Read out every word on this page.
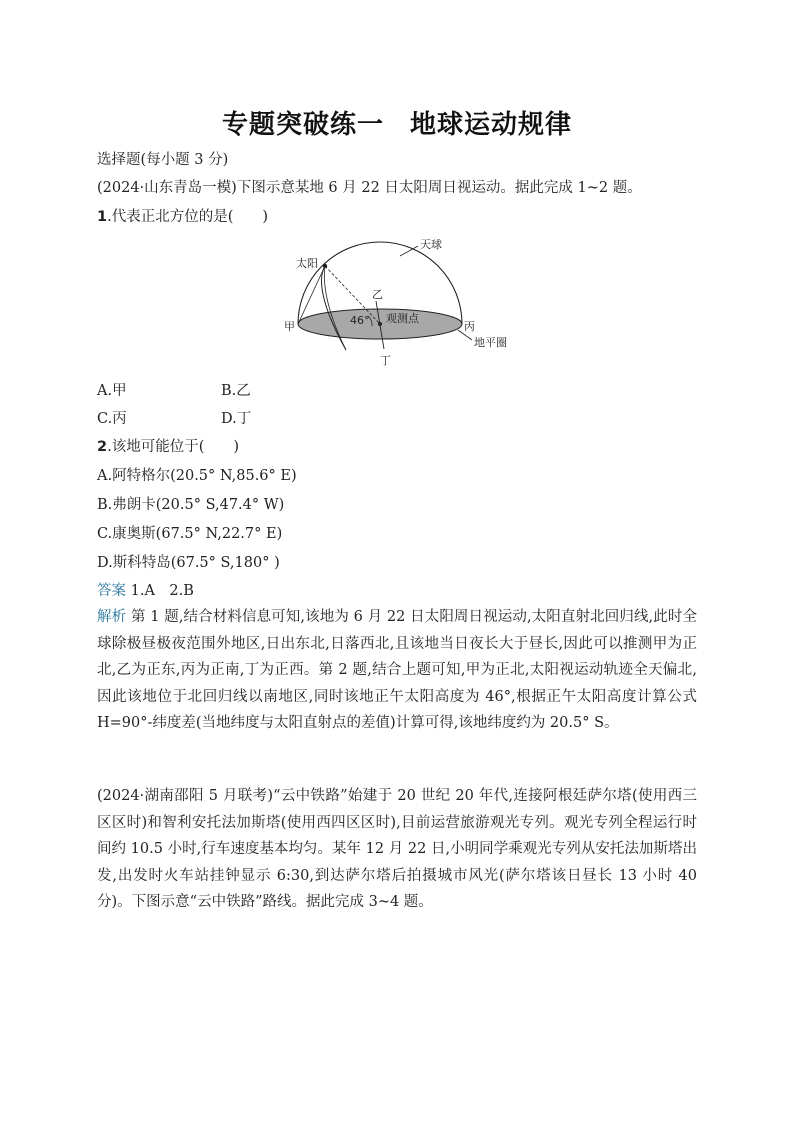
专题突破练一 地球运动规律
选择题(每小题 3 分)
(2024·山东青岛一模)下图示意某地 6 月 22 日太阳周日视运动。据此完成 1~2 题。
1.代表正北方位的是(　　)
天球
太阳
乙
46° 观测点
甲	丙
地平圈
丁
A.甲	B.乙
C.丙	D.丁
2.该地可能位于(　　)
A.阿特格尔(20.5° N,85.6° E)
B.弗朗卡(20.5° S,47.4° W)
C.康奥斯(67.5° N,22.7° E)
D.斯科特岛(67.5° S,180° )
答案 1.A　2.B
解析 第 1 题,结合材料信息可知,该地为 6 月 22 日太阳周日视运动,太阳直射北回归线,此时全球除极昼极夜范围外地区,日出东北,日落西北,且该地当日夜长大于昼长,因此可以推测甲为正北,乙为正东,丙为正南,丁为正西。第 2 题,结合上题可知,甲为正北,太阳视运动轨迹全天偏北,因此该地位于北回归线以南地区,同时该地正午太阳高度为 46°,根据正午太阳高度计算公式 H=90°-纬度差(当地纬度与太阳直射点的差值)计算可得,该地纬度约为 20.5° S。
(2024·湖南邵阳 5 月联考)“云中铁路”始建于 20 世纪 20 年代,连接阿根廷萨尔塔(使用西三区区时)和智利安托法加斯塔(使用西四区区时),目前运营旅游观光专列。观光专列全程运行时间约 10.5 小时,行车速度基本均匀。某年 12 月 22 日,小明同学乘观光专列从安托法加斯塔出发,出发时火车站挂钟显示 6:30,到达萨尔塔后拍摄城市风光(萨尔塔该日昼长 13 小时 40 分)。下图示意“云中铁路”路线。据此完成 3~4 题。
